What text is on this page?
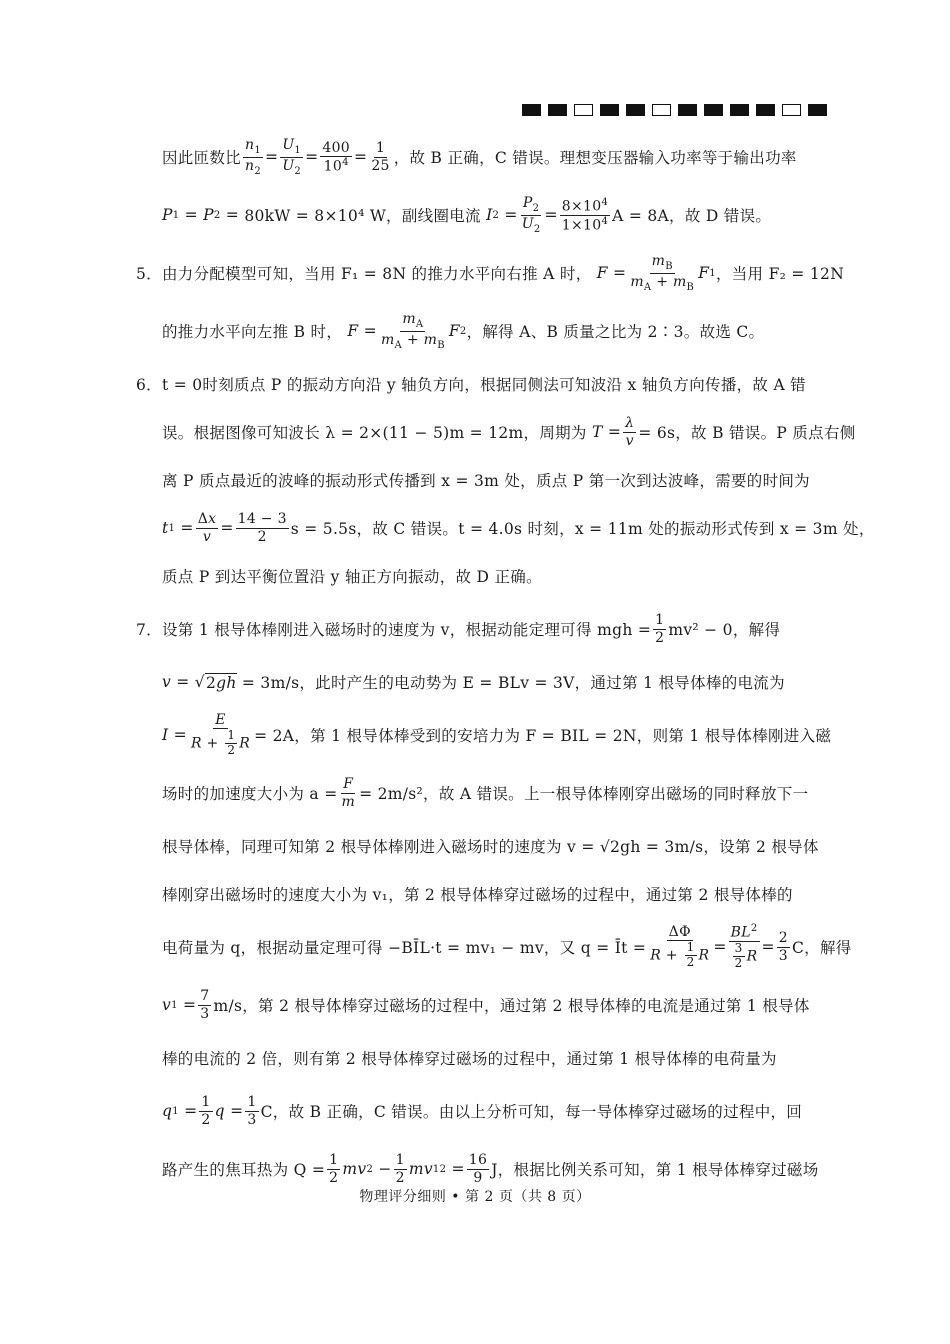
因此匝数比 $\frac{n_1}{n_2} = \frac{U_1}{U_2} = \frac{400}{10^4} = \frac{1}{25}$ ，故 B 正确，C 错误。理想变压器输入功率等于输出功率
P 1 = P 2 = 80kW = 8×10⁴ W，副线圈电流
I $2 = \frac{P_2}{U_2} = \frac{8\times 10^4}{1\times 10^4}$ A = 8A，故 D 错误。
5． 由力分配模型可知，当用 F₁ = 8N 的推力水平向右推 A 时，
$F = \frac{m_B}{m_A + m_B}$ F 1 ，当用 F₂ = 12N
的推力水平向左推 B 时，
$F = \frac{m_A}{m_A + m_B}$ F 2 ，解得 A、B 质量之比为 2∶3。故选 C。
6． t = 0时刻质点 P 的振动方向沿 y 轴负方向，根据同侧法可知波沿 x 轴负方向传播，故 A 错
误。根据图像可知波长 λ = 2×(11 − 5)m = 12m，周期为
$T = \frac{\lambda}{v} = 6s$，故 B 错误。P 质点右侧
离 P 质点最近的波峰的振动形式传播到 x = 3m 处，质点 P 第一次到达波峰，需要的时间为
t $1 = \frac{\Delta x}{v} = \frac{14 - 3}{2}$ s = 5.5s，故 C 错误。t = 4.0s 时刻，x = 11m 处的振动形式传到 x = 3m 处，
质点 P 到达平衡位置沿 y 轴正方向振动，故 D 正确。
7． 设第 1 根导体棒刚进入磁场时的速度为 v，根据动能定理可得 mgh = $\frac{1}{2} mv^2 - 0$，解得
v = √ 2gh
= 3m/s，此时产生的电动势为 E = BLv = 3V，通过第 1 根导体棒的电流为
$I = \frac{E}{R + \frac{1}{2} R} = 2A$，第 1 根导体棒受到的安培力为 F = BIL = 2N，则第 1 根导体棒刚进入磁
场时的加速度大小为 $a = \frac{F}{m} = 2m/s^2$，故 A 错误。上一根导体棒刚穿出磁场的同时释放下一
根导体棒，同理可知第 2 根导体棒刚进入磁场时的速度为 v = √2gh = 3m/s，设第 2 根导体
棒刚穿出磁场时的速度大小为 v₁，第 2 根导体棒穿过磁场的过程中，通过第 2 根导体棒的
电荷量为 q，根据动量定理可得 −BĪL·t = mv₁ − mv，又 q = Īt = $\frac{\Delta\Phi}{R + \frac{1}{2} R} = \frac{BL^2}{\frac{3}{2} R} = \frac{2}{3}$ C，解得
v $1 = \frac{7}{3} m/s$，第 2 根导体棒穿过磁场的过程中，通过第 2 根导体棒的电流是通过第 1 根导体
棒的电流的 2 倍，则有第 2 根导体棒穿过磁场的过程中，通过第 1 根导体棒的电荷量为
q $1 = \frac{1}{2}$ $q = \frac{1}{3}$ C，故 B 正确，C 错误。由以上分析可知，每一导体棒穿过磁场的过程中，回
路产生的焦耳热为 $Q = \frac{1}{2}$ mv $2 - \frac{1}{2}$ mv 1 $2 = \frac{16}{9}$ J，根据比例关系可知，第 1 根导体棒穿过磁场
物理评分细则 • 第 2 页（共 8 页）
